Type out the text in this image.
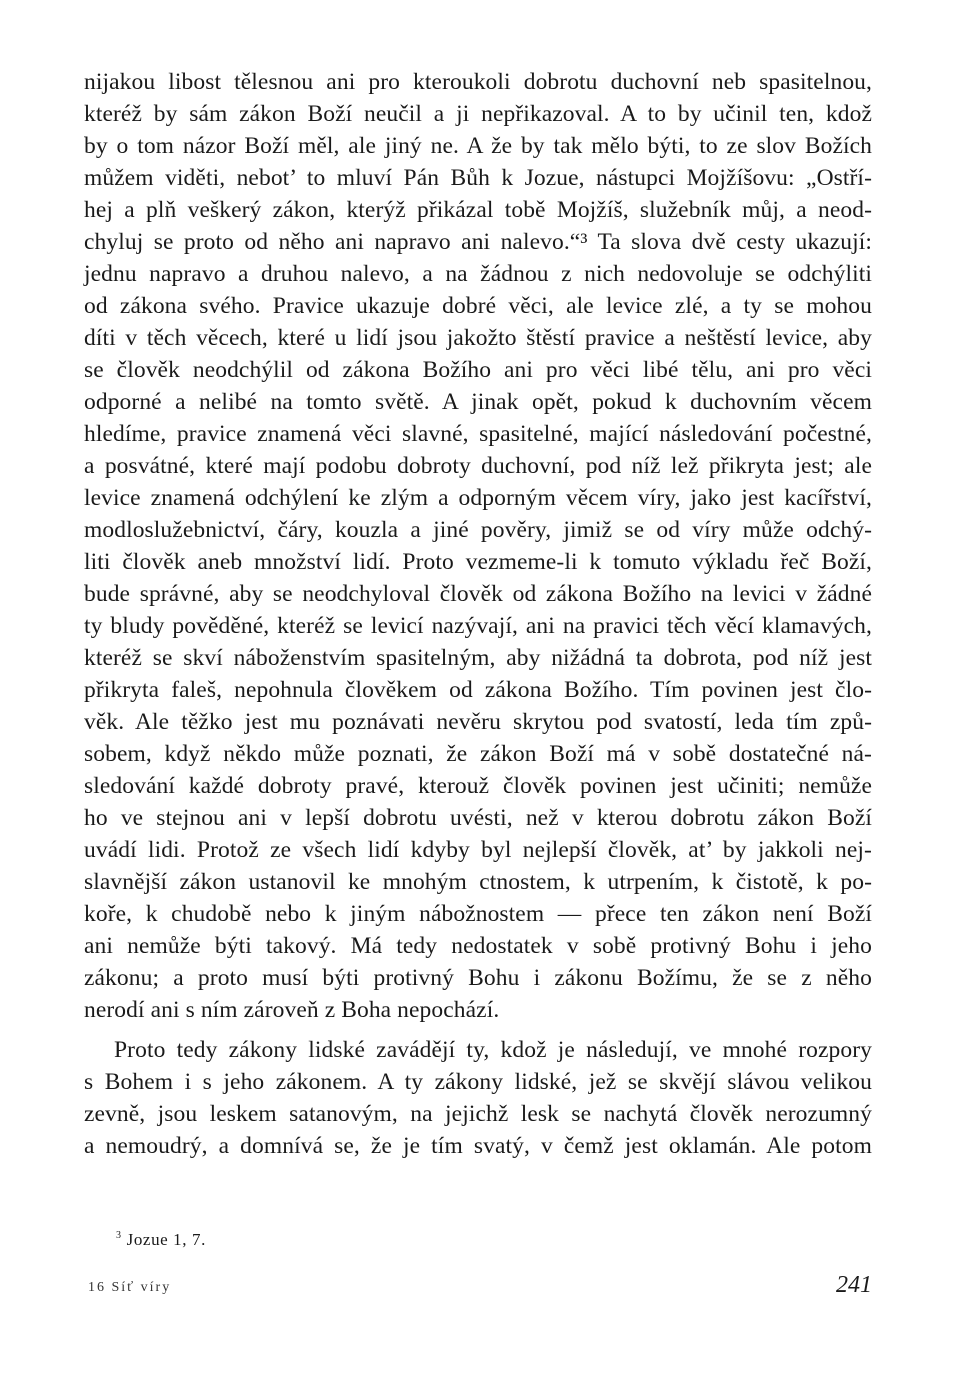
nijakou libost tělesnou ani pro kteroukoli dobrotu duchovní neb spasitelnou,
kteréž by sám zákon Boží neučil a ji nepřikazoval. A to by učinil ten, kdož
by o tom názor Boží měl, ale jiný ne. A že by tak mělo býti, to ze slov Božích
můžem viděti, nebot’ to mluví Pán Bůh k Jozue, nástupci Mojžíšovu: „Ostří-
hej a plň veškerý zákon, kterýž přikázal tobě Mojžíš, služebník můj, a neod-
chyluj se proto od něho ani napravo ani nalevo.“³ Ta slova dvě cesty ukazují:
jednu napravo a druhou nalevo, a na žádnou z nich nedovoluje se odchýliti
od zákona svého. Pravice ukazuje dobré věci, ale levice zlé, a ty se mohou
díti v těch věcech, které u lidí jsou jakožto štěstí pravice a neštěstí levice, aby
se člověk neodchýlil od zákona Božího ani pro věci libé tělu, ani pro věci
odporné a nelibé na tomto světě. A jinak opět, pokud k duchovním věcem
hledíme, pravice znamená věci slavné, spasitelné, mající následování počestné,
a posvátné, které mají podobu dobroty duchovní, pod níž lež přikryta jest; ale
levice znamená odchýlení ke zlým a odporným věcem víry, jako jest kacířství,
modloslužebnictví, čáry, kouzla a jiné pověry, jimiž se od víry může odchý-
liti člověk aneb množství lidí. Proto vezmeme-li k tomuto výkladu řeč Boží,
bude správné, aby se neodchyloval člověk od zákona Božího na levici v žádné
ty bludy pověděné, kteréž se levicí nazývají, ani na pravici těch věcí klamavých,
kteréž se skví náboženstvím spasitelným, aby nižádná ta dobrota, pod níž jest
přikryta faleš, nepohnula člověkem od zákona Božího. Tím povinen jest člo-
věk. Ale těžko jest mu poznávati nevěru skrytou pod svatostí, leda tím způ-
sobem, když někdo může poznati, že zákon Boží má v sobě dostatečné ná-
sledování každé dobroty pravé, kterouž člověk povinen jest učiniti; nemůže
ho ve stejnou ani v lepší dobrotu uvésti, než v kterou dobrotu zákon Boží
uvádí lidi. Protož ze všech lidí kdyby byl nejlepší člověk, at’ by jakkoli nej-
slavnější zákon ustanovil ke mnohým ctnostem, k utrpením, k čistotě, k po-
koře, k chudobě nebo k jiným nábožnostem — přece ten zákon není Boží
ani nemůže býti takový. Má tedy nedostatek v sobě protivný Bohu i jeho
zákonu; a proto musí býti protivný Bohu i zákonu Božímu, že se z něho
nerodí ani s ním zároveň z Boha nepochází.
Proto tedy zákony lidské zavádějí ty, kdož je následují, ve mnohé rozpory
s Bohem i s jeho zákonem. A ty zákony lidské, jež se skvějí slávou velikou
zevně, jsou leskem satanovým, na jejichž lesk se nachytá člověk nerozumný
a nemoudrý, a domnívá se, že je tím svatý, v čemž jest oklamán. Ale potom
$^3$ Jozue 1, 7.
16 Síť víry	241
